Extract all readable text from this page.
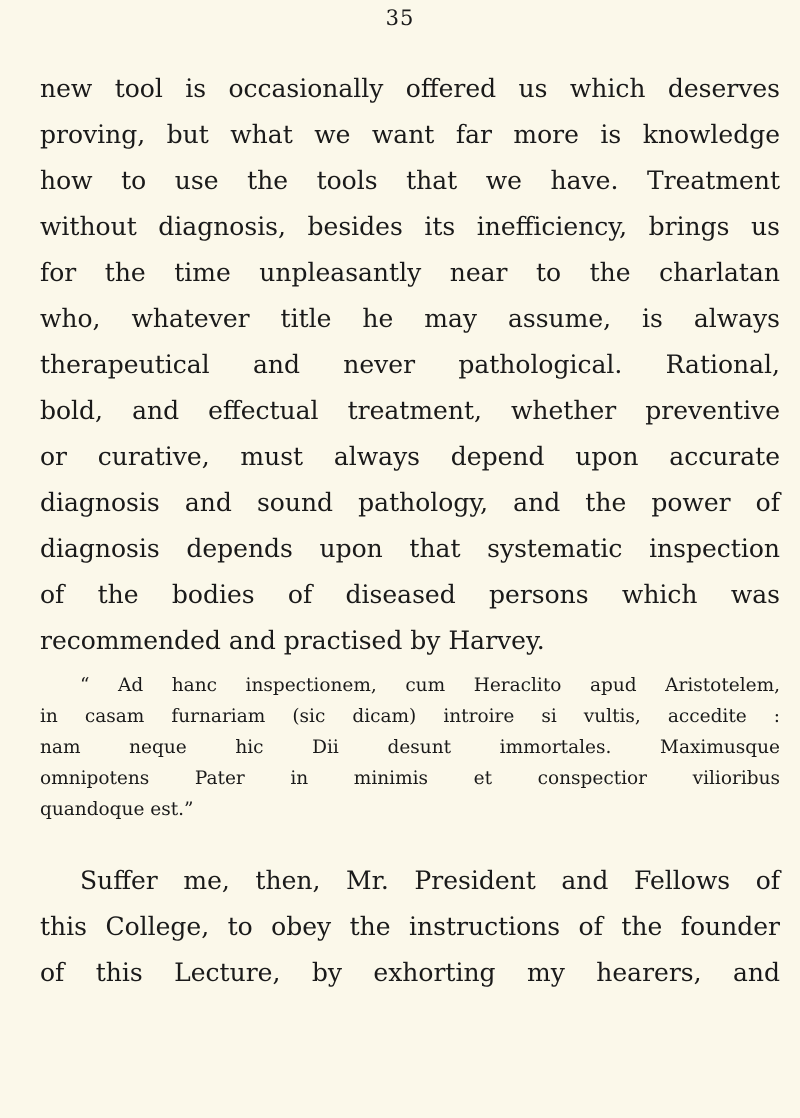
35
new tool is occasionally offered us which deserves
proving, but what we want far more is knowledge
how to use the tools that we have. Treatment
without diagnosis, besides its inefficiency, brings us
for the time unpleasantly near to the charlatan
who, whatever title he may assume, is always
therapeutical and never pathological. Rational,
bold, and effectual treatment, whether preventive
or curative, must always depend upon accurate
diagnosis and sound pathology, and the power of
diagnosis depends upon that systematic inspection
of the bodies of diseased persons which was
recommended and practised by Harvey.
“ Ad hanc inspectionem, cum Heraclito apud Aristotelem,
in casam furnariam (sic dicam) introire si vultis, accedite :
nam neque hic Dii desunt immortales. Maximusque
omnipotens Pater in minimis et conspectior vilioribus
quandoque est.”
Suffer me, then, Mr. President and Fellows of
this College, to obey the instructions of the founder
of this Lecture, by exhorting my hearers, and
